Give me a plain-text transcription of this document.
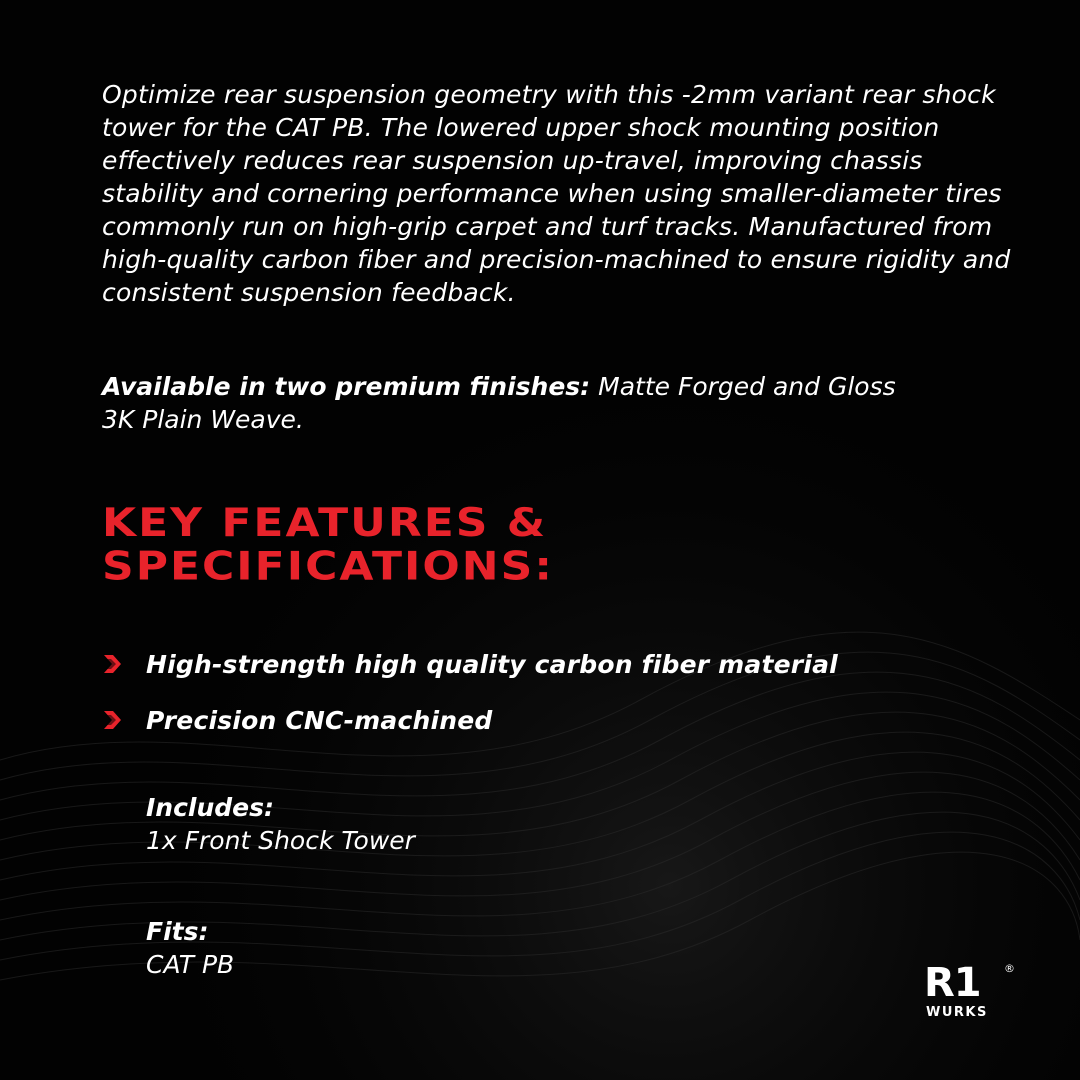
Optimize rear suspension geometry with this -2mm variant rear shock tower for the CAT PB. The lowered upper shock mounting position effectively reduces rear suspension up-travel, improving chassis stability and cornering performance when using smaller-diameter tires commonly run on high-grip carpet and turf tracks. Manufactured from high-quality carbon fiber and precision-machined to ensure rigidity and consistent suspension feedback.

Available in two premium finishes: Matte Forged and Gloss 3K Plain Weave.

KEY FEATURES & SPECIFICATIONS:
High-strength high quality carbon fiber material
Precision CNC-machined
Includes:
1x Front Shock Tower
Fits:
CAT PB	R1 ®
WURKS
